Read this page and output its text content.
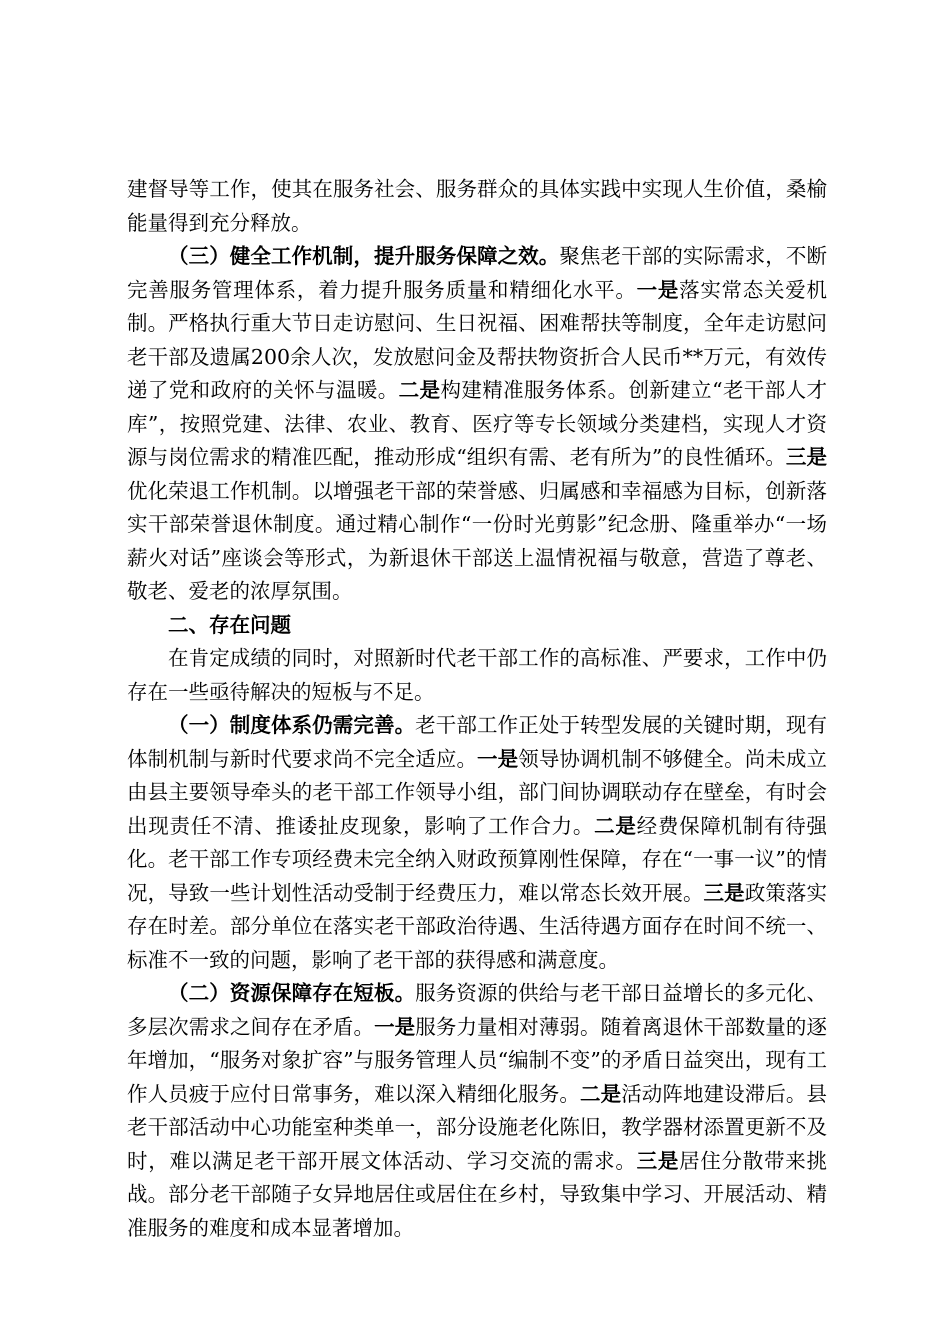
建督导等工作，使其在服务社会、服务群众的具体实践中实现人生价值，桑榆能量得到充分释放。

（三）健全工作机制，提升服务保障之效。聚焦老干部的实际需求，不断完善服务管理体系，着力提升服务质量和精细化水平。一是落实常态关爱机制。严格执行重大节日走访慰问、生日祝福、困难帮扶等制度，全年走访慰问老干部及遗属200余人次，发放慰问金及帮扶物资折合人民币**万元，有效传递了党和政府的关怀与温暖。二是构建精准服务体系。创新建立“老干部人才库”，按照党建、法律、农业、教育、医疗等专长领域分类建档，实现人才资源与岗位需求的精准匹配，推动形成“组织有需、老有所为”的良性循环。三是优化荣退工作机制。以增强老干部的荣誉感、归属感和幸福感为目标，创新落实干部荣誉退休制度。通过精心制作“一份时光剪影”纪念册、隆重举办“一场薪火对话”座谈会等形式，为新退休干部送上温情祝福与敬意，营造了尊老、敬老、爱老的浓厚氛围。

二、存在问题

在肯定成绩的同时，对照新时代老干部工作的高标准、严要求，工作中仍存在一些亟待解决的短板与不足。

（一）制度体系仍需完善。老干部工作正处于转型发展的关键时期，现有体制机制与新时代要求尚不完全适应。一是领导协调机制不够健全。尚未成立由县主要领导牵头的老干部工作领导小组，部门间协调联动存在壁垒，有时会出现责任不清、推诿扯皮现象，影响了工作合力。二是经费保障机制有待强化。老干部工作专项经费未完全纳入财政预算刚性保障，存在“一事一议”的情况，导致一些计划性活动受制于经费压力，难以常态长效开展。三是政策落实存在时差。部分单位在落实老干部政治待遇、生活待遇方面存在时间不统一、标准不一致的问题，影响了老干部的获得感和满意度。

（二）资源保障存在短板。服务资源的供给与老干部日益增长的多元化、多层次需求之间存在矛盾。一是服务力量相对薄弱。随着离退休干部数量的逐年增加，“服务对象扩容”与服务管理人员“编制不变”的矛盾日益突出，现有工作人员疲于应付日常事务，难以深入精细化服务。二是活动阵地建设滞后。县老干部活动中心功能室种类单一，部分设施老化陈旧，教学器材添置更新不及时，难以满足老干部开展文体活动、学习交流的需求。三是居住分散带来挑战。部分老干部随子女异地居住或居住在乡村，导致集中学习、开展活动、精准服务的难度和成本显著增加。
